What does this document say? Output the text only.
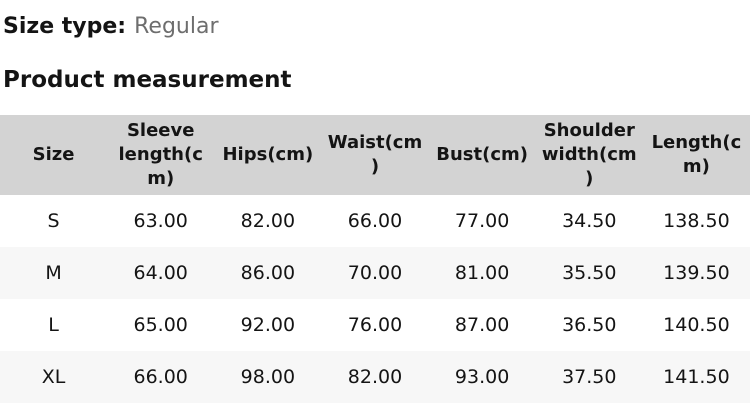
Size type: Regular
Product measurement
Size	Sleeve length(cm)	Hips(cm)	Waist(cm)	Bust(cm)	Shoulder width(cm)	Length(cm)
S	63.00	82.00	66.00	77.00	34.50	138.50
M	64.00	86.00	70.00	81.00	35.50	139.50
L	65.00	92.00	76.00	87.00	36.50	140.50
XL	66.00	98.00	82.00	93.00	37.50	141.50
